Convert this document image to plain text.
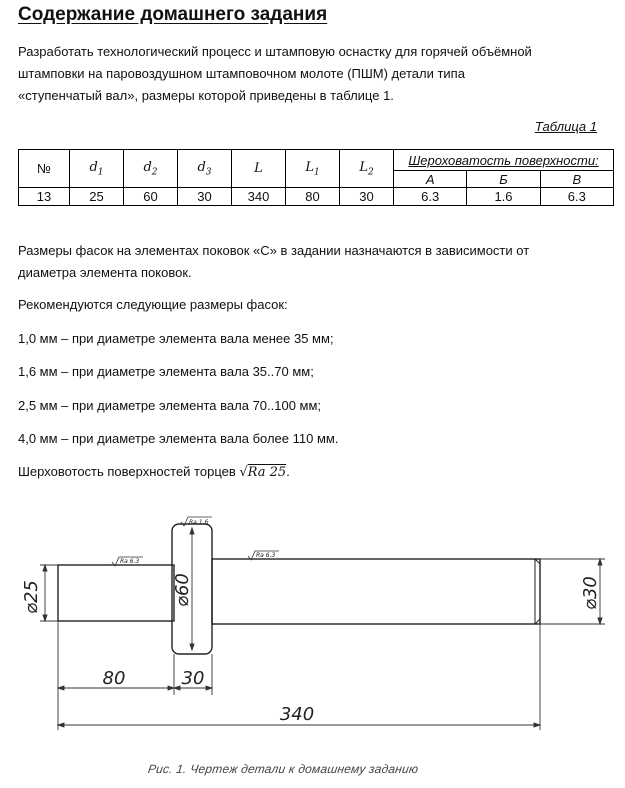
Содержание домашнего задания

Разработать технологический процесс и штамповую оснастку для горячей объёмной
штамповки на паровоздушном штамповочном молоте (ПШМ) детали типа
«ступенчатый вал», размеры которой приведены в таблице 1.

Таблица 1
№	$d_1$	$d_2$	$d_3$	L	$L_1$	$L_2$	Шероховатость поверхности:		
							А	Б	В
13	25	60	30	340	80	30	6.3	1.6	6.3

Размеры фасок на элементах поковок «С» в задании назначаются в зависимости от
диаметра элемента поковок.

Рекомендуются следующие размеры фасок:

1,0 мм – при диаметре элемента вала менее 35 мм;

1,6 мм – при диаметре элемента вала 35..70 мм;

2,5 мм – при диаметре элемента вала 70..100 мм;

4,0 мм – при диаметре элемента вала более 110 мм.

Шерховотость поверхностей торцев √Ra 25.

Ra 6.3
Ra 1.6
Ra 6.3
⌀25	⌀30
⌀60
80	30
340
Рис. 1. Чертеж детали к домашнему заданию
